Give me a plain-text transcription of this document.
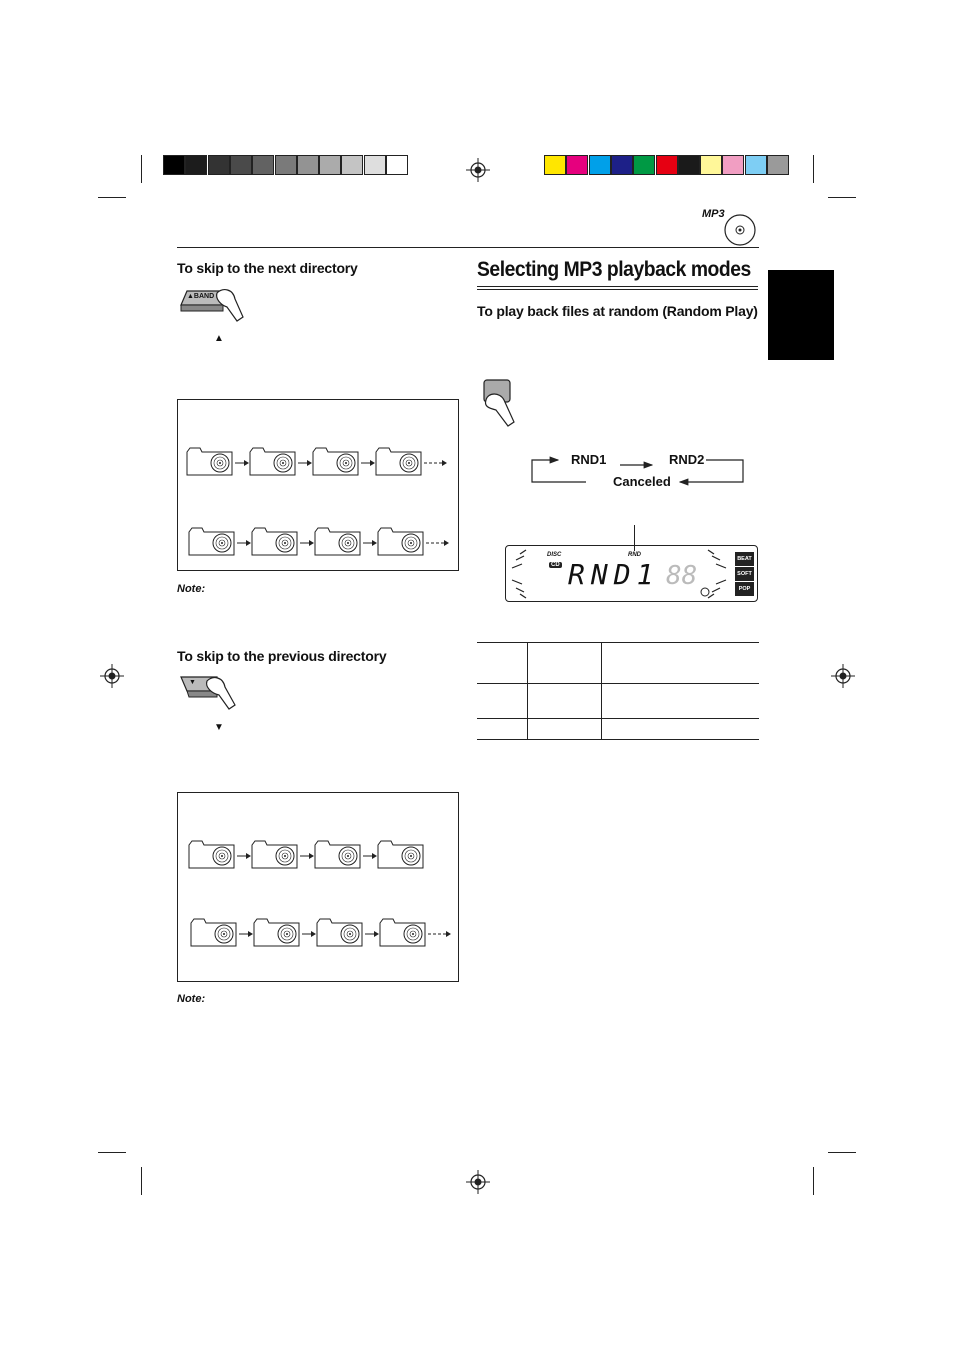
MP3
To skip to the next directory
▲BAND
▲
Note:
To skip to the previous directory
▼
▼
Note:
Selecting MP3 playback modes
To play back files at random (Random Play)
RND1	RND2
Canceled
DISC
CD
RND
RND1 88
BEAT
SOFT
POP
